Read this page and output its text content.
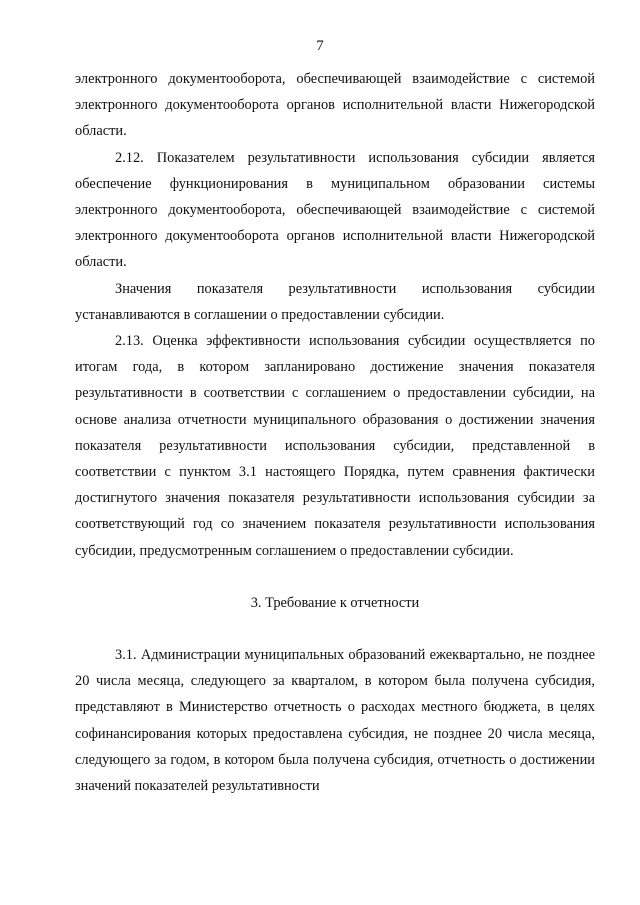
7

электронного документооборота, обеспечивающей взаимодействие с системой электронного документооборота органов исполнительной власти Нижегородской области.

2.12. Показателем результативности использования субсидии является обеспечение функционирования в муниципальном образовании системы электронного документооборота, обеспечивающей взаимодействие с системой электронного документооборота органов исполнительной власти Нижегородской области.

Значения показателя результативности использования субсидии устанавливаются в соглашении о предоставлении субсидии.

2.13. Оценка эффективности использования субсидии осуществляется по итогам года, в котором запланировано достижение значения показателя результативности в соответствии с соглашением о предоставлении субсидии, на основе анализа отчетности муниципального образования о достижении значения показателя результативности использования субсидии, представленной в соответствии с пунктом 3.1 настоящего Порядка, путем сравнения фактически достигнутого значения показателя результативности использования субсидии за соответствующий год со значением показателя результативности использования субсидии, предусмотренным соглашением о предоставлении субсидии.

3. Требование к отчетности

3.1. Администрации муниципальных образований ежеквартально, не позднее 20 числа месяца, следующего за кварталом, в котором была получена субсидия, представляют в Министерство отчетность о расходах местного бюджета, в целях софинансирования которых предоставлена субсидия, не позднее 20 числа месяца, следующего за годом, в котором была получена субсидия, отчетность о достижении значений показателей результативности
